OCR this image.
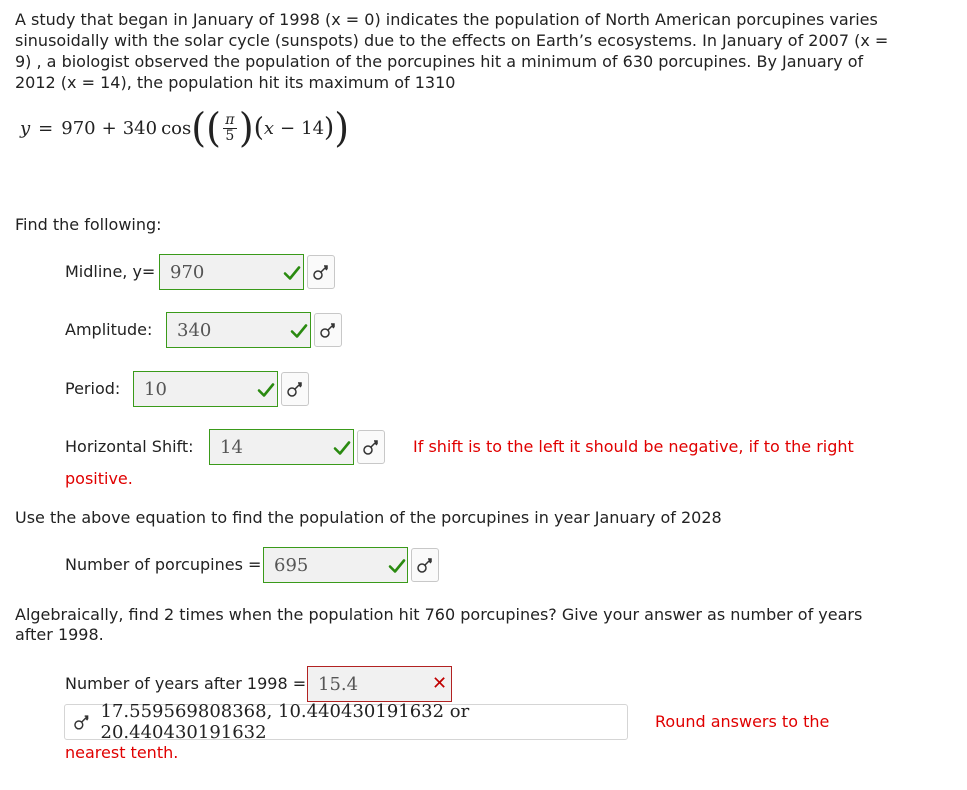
A study that began in January of 1998 (x = 0) indicates the population of North American porcupines varies sinusoidally with the solar cycle (sunspots) due to the effects on Earth’s ecosystems. In January of 2007 (x = 9) , a biologist observed the population of the porcupines hit a minimum of 630 porcupines. By January of 2012 (x = 14), the population hit its maximum of 1310

y = 970 + 340 cos ( ( $\frac{\pi}{5}$ ) ( x − 14 ) )
Find the following:
Midline, y= 970
Amplitude:	340
Period:	10
Horizontal Shift:	14	If shift is to the left it should be negative, if to the right
positive.
Use the above equation to find the population of the porcupines in year January of 2028
Number of porcupines = 695

Algebraically, find 2 times when the population hit 760 porcupines? Give your answer as number of years after 1998.

Number of years after 1998 = 15.4	✕
17.559569808368, 10.440430191632 or 20.440430191632
Round answers to the
nearest tenth.
